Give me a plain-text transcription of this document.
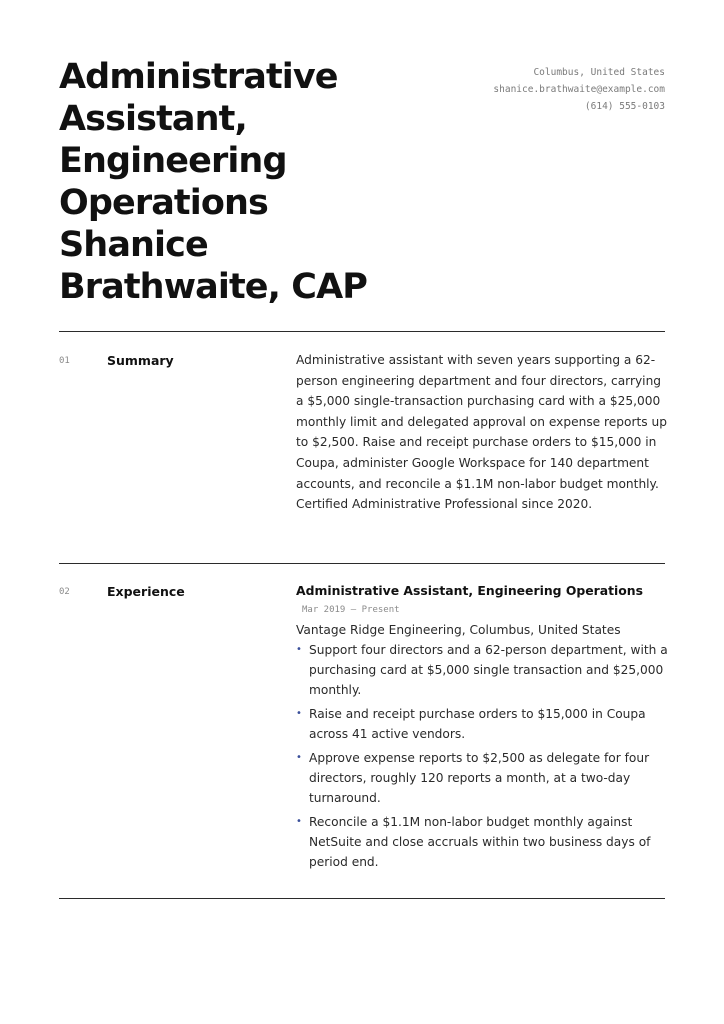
Administrative
Assistant,
Engineering
Operations
Shanice
Brathwaite, CAP
Columbus, United States
shanice.brathwaite@example.com
(614) 555-0103
01	Summary	Administrative assistant with seven years supporting a 62-person engineering department and four directors, carrying a $5,000 single-transaction purchasing card with a $25,000 monthly limit and delegated approval on expense reports up to $2,500. Raise and receipt purchase orders to $15,000 in Coupa, administer Google Workspace for 140 department accounts, and reconcile a $1.1M non-labor budget monthly. Certified Administrative Professional since 2020.
02	Experience	Administrative Assistant, Engineering Operations
Mar 2019 — Present
Vantage Ridge Engineering, Columbus, United States
• Support four directors and a 62-person department, with a purchasing card at $5,000 single transaction and $25,000 monthly.
• Raise and receipt purchase orders to $15,000 in Coupa across 41 active vendors.
• Approve expense reports to $2,500 as delegate for four directors, roughly 120 reports a month, at a two-day turnaround.
• Reconcile a $1.1M non-labor budget monthly against NetSuite and close accruals within two business days of period end.
